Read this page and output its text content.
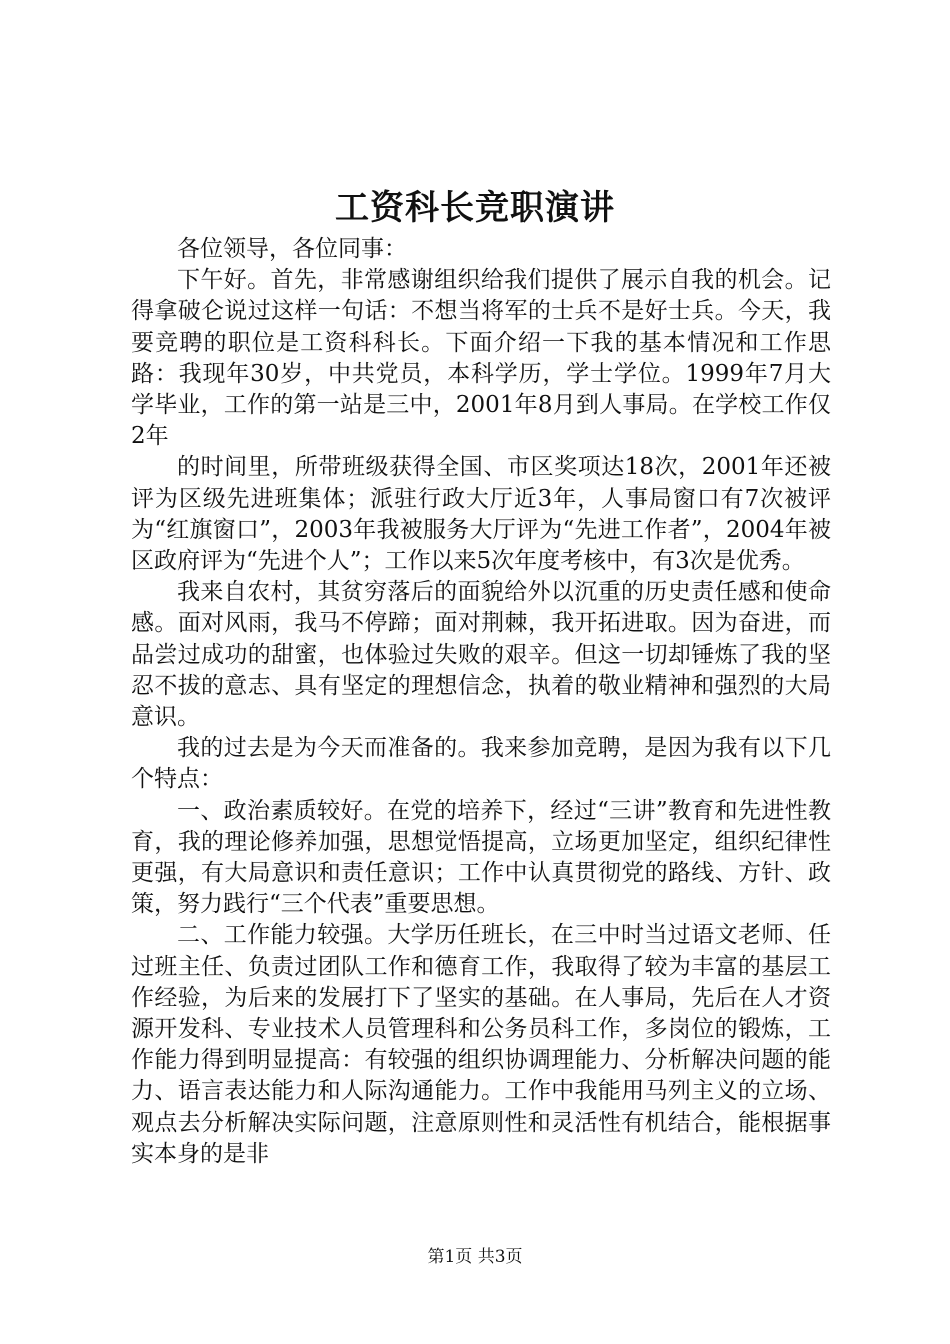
工资科长竞职演讲

各位领导，各位同事：

下午好。首先，非常感谢组织给我们提供了展示自我的机会。记得拿破仑说过这样一句话：不想当将军的士兵不是好士兵。今天，我要竞聘的职位是工资科科长。下面介绍一下我的基本情况和工作思路：我现年30岁，中共党员，本科学历，学士学位。1999年7月大学毕业，工作的第一站是三中，2001年8月到人事局。在学校工作仅2年

的时间里，所带班级获得全国、市区奖项达18次，2001年还被评为区级先进班集体；派驻行政大厅近3年，人事局窗口有7次被评为“红旗窗口”，2003年我被服务大厅评为“先进工作者”，2004年被区政府评为“先进个人”；工作以来5次年度考核中，有3次是优秀。

我来自农村，其贫穷落后的面貌给外以沉重的历史责任感和使命感。面对风雨，我马不停蹄；面对荆棘，我开拓进取。因为奋进，而品尝过成功的甜蜜，也体验过失败的艰辛。但这一切却锤炼了我的坚忍不拔的意志、具有坚定的理想信念，执着的敬业精神和强烈的大局意识。

我的过去是为今天而准备的。我来参加竞聘，是因为我有以下几个特点：

一、政治素质较好。在党的培养下，经过“三讲”教育和先进性教育，我的理论修养加强，思想觉悟提高，立场更加坚定，组织纪律性更强，有大局意识和责任意识；工作中认真贯彻党的路线、方针、政策，努力践行“三个代表”重要思想。

二、工作能力较强。大学历任班长，在三中时当过语文老师、任过班主任、负责过团队工作和德育工作，我取得了较为丰富的基层工作经验，为后来的发展打下了坚实的基础。在人事局，先后在人才资源开发科、专业技术人员管理科和公务员科工作，多岗位的锻炼，工作能力得到明显提高：有较强的组织协调理能力、分析解决问题的能力、语言表达能力和人际沟通能力。工作中我能用马列主义的立场、观点去分析解决实际问题，注意原则性和灵活性有机结合，能根据事实本身的是非

第1页 共3页
